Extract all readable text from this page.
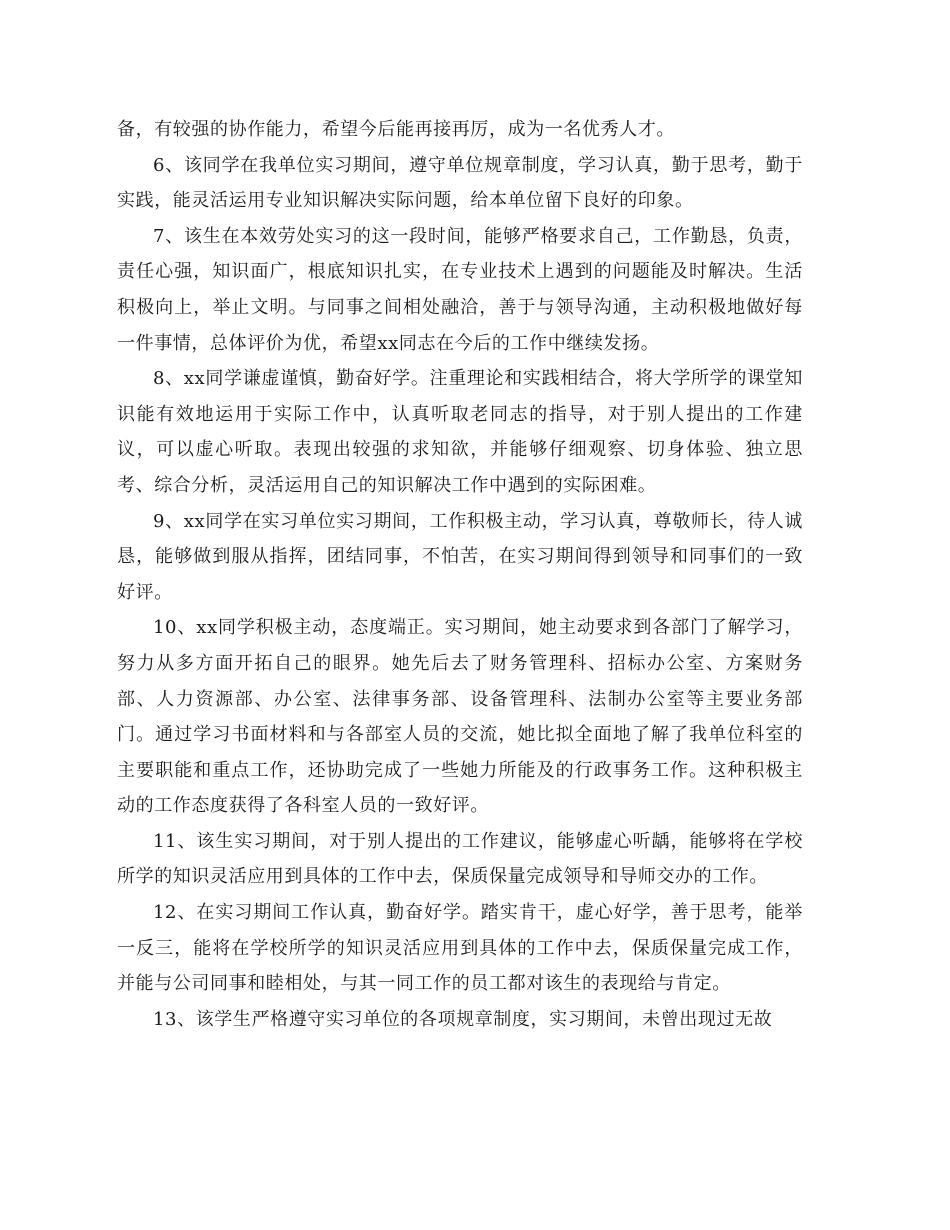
备，有较强的协作能力，希望今后能再接再厉，成为一名优秀人才。

6、该同学在我单位实习期间，遵守单位规章制度，学习认真，勤于思考，勤于实践，能灵活运用专业知识解决实际问题，给本单位留下良好的印象。

7、该生在本效劳处实习的这一段时间，能够严格要求自己，工作勤恳，负责，责任心强，知识面广，根底知识扎实，在专业技术上遇到的问题能及时解决。生活积极向上，举止文明。与同事之间相处融洽，善于与领导沟通，主动积极地做好每一件事情，总体评价为优，希望xx同志在今后的工作中继续发扬。

8、xx同学谦虚谨慎，勤奋好学。注重理论和实践相结合，将大学所学的课堂知识能有效地运用于实际工作中，认真听取老同志的指导，对于别人提出的工作建议，可以虚心听取。表现出较强的求知欲，并能够仔细观察、切身体验、独立思考、综合分析，灵活运用自己的知识解决工作中遇到的实际困难。

9、xx同学在实习单位实习期间，工作积极主动，学习认真，尊敬师长，待人诚恳，能够做到服从指挥，团结同事，不怕苦，在实习期间得到领导和同事们的一致好评。

10、xx同学积极主动，态度端正。实习期间，她主动要求到各部门了解学习，努力从多方面开拓自己的眼界。她先后去了财务管理科、招标办公室、方案财务部、人力资源部、办公室、法律事务部、设备管理科、法制办公室等主要业务部门。通过学习书面材料和与各部室人员的交流，她比拟全面地了解了我单位科室的主要职能和重点工作，还协助完成了一些她力所能及的行政事务工作。这种积极主动的工作态度获得了各科室人员的一致好评。

11、该生实习期间，对于别人提出的工作建议，能够虚心听龋，能够将在学校所学的知识灵活应用到具体的工作中去，保质保量完成领导和导师交办的工作。

12、在实习期间工作认真，勤奋好学。踏实肯干，虚心好学，善于思考，能举一反三，能将在学校所学的知识灵活应用到具体的工作中去，保质保量完成工作，并能与公司同事和睦相处，与其一同工作的员工都对该生的表现给与肯定。

13、该学生严格遵守实习单位的各项规章制度，实习期间，未曾出现过无故
